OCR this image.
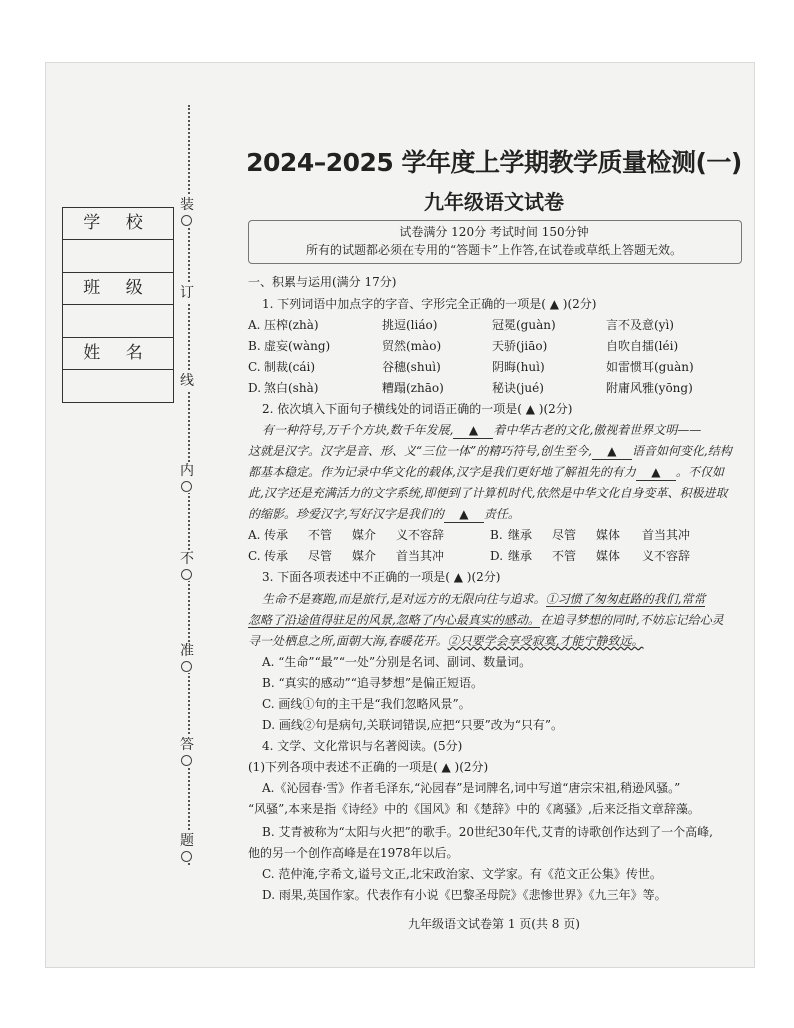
装
订
线
内
不
准
答
题
学 校
班 级
姓 名
2024–2025 学年度上学期教学质量检测(一)
九年级语文试卷
试卷满分 120分 考试时间 150分钟
所有的试题都必须在专用的“答题卡”上作答,在试卷或草纸上答题无效。
一、积累与运用(满分 17分)
1. 下列词语中加点字的字音、字形完全正确的一项是( ▲ )(2分)
A. 压榨(zhà)	挑逗(liáo)	冠冕(guàn)	言不及意(yì)
B. 虚妄(wàng)	贸然(mào)	天骄(jiāo)	自吹自擂(léi)
C. 制裁(cái)	谷穗(shuì)	阴晦(huì)	如雷惯耳(guàn)
D. 煞白(shà)	糟蹋(zhāo)	秘诀(jué)	附庸风雅(yōng)
2. 依次填入下面句子横线处的词语正确的一项是( ▲ )(2分)
有一种符号,万千个方块,数千年发展, ▲ 着中华古老的文化,傲视着世界文明——
这就是汉字。汉字是音、形、义“三位一体”的精巧符号,创生至今, ▲ 语音如何变化,结构
都基本稳定。作为记录中华文化的载体,汉字是我们更好地了解祖先的有力 ▲ 。不仅如
此,汉字还是充满活力的文字系统,即便到了计算机时代,依然是中华文化自身变革、积极进取
的缩影。珍爱汉字,写好汉字是我们的 ▲ 责任。
A. 传承 不管 媒介 义不容辞	B. 继承 尽管 媒体 首当其冲
C. 传承 尽管 媒介 首当其冲	D. 继承 不管 媒体 义不容辞
3. 下面各项表述中不正确的一项是( ▲ )(2分)
生命不是赛跑,而是旅行,是对远方的无限向往与追求。①习惯了匆匆赶路的我们,常常
忽略了沿途值得驻足的风景,忽略了内心最真实的感动。在追寻梦想的同时,不妨忘记给心灵
寻一处栖息之所,面朝大海,春暖花开。②只要学会享受寂寞,才能宁静致远。
A. “生命”“最”“一处”分别是名词、副词、数量词。
B. “真实的感动”“追寻梦想”是偏正短语。
C. 画线①句的主干是“我们忽略风景”。
D. 画线②句是病句,关联词错误,应把“只要”改为“只有”。
4. 文学、文化常识与名著阅读。(5分)
(1)下列各项中表述不正确的一项是( ▲ )(2分)
A.《沁园春·雪》作者毛泽东,“沁园春”是词牌名,词中写道“唐宗宋祖,稍逊风骚。”
“风骚”,本来是指《诗经》中的《国风》和《楚辞》中的《离骚》,后来泛指文章辞藻。
B. 艾青被称为“太阳与火把”的歌手。20世纪30年代,艾青的诗歌创作达到了一个高峰,
他的另一个创作高峰是在1978年以后。
C. 范仲淹,字希文,谥号文正,北宋政治家、文学家。有《范文正公集》传世。
D. 雨果,英国作家。代表作有小说《巴黎圣母院》《悲惨世界》《九三年》等。
九年级语文试卷第 1 页(共 8 页)
